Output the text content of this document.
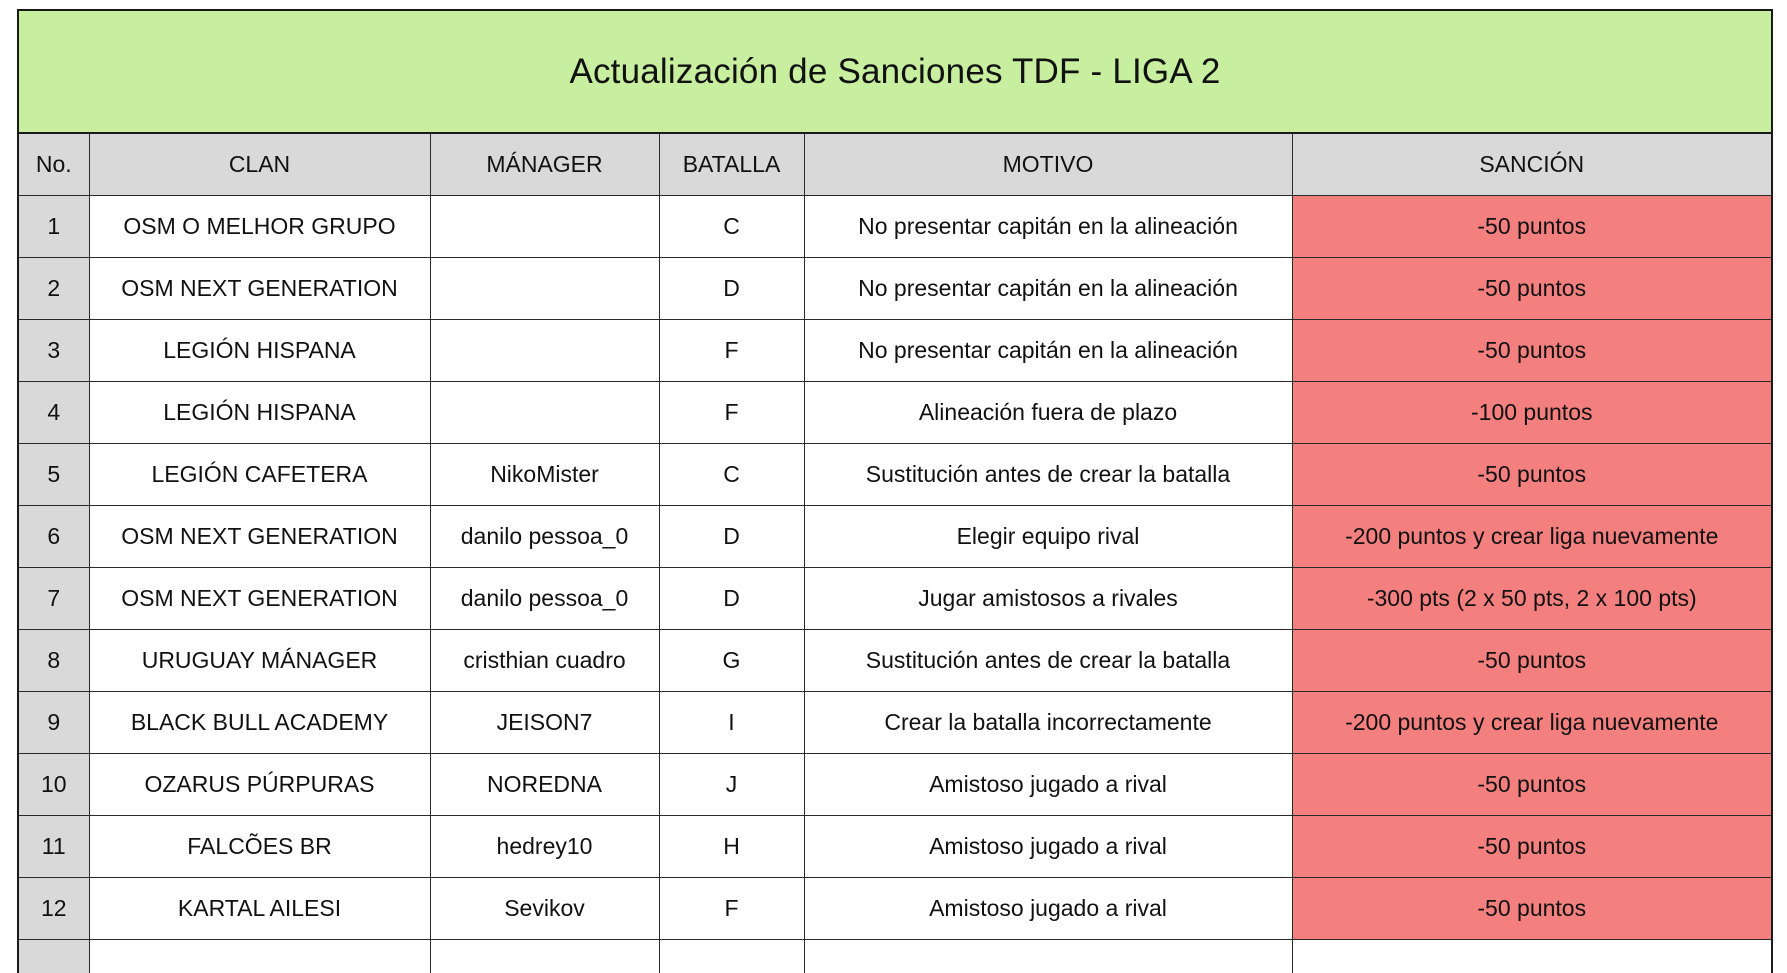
Actualización de Sanciones TDF - LIGA 2
No.	CLAN	MÁNAGER	BATALLA	MOTIVO	SANCIÓN
1	OSM O MELHOR GRUPO		C	No presentar capitán en la alineación	-50 puntos
2	OSM NEXT GENERATION		D	No presentar capitán en la alineación	-50 puntos
3	LEGIÓN HISPANA		F	No presentar capitán en la alineación	-50 puntos
4	LEGIÓN HISPANA		F	Alineación fuera de plazo	-100 puntos
5	LEGIÓN CAFETERA	NikoMister	C	Sustitución antes de crear la batalla	-50 puntos
6	OSM NEXT GENERATION	danilo pessoa_0	D	Elegir equipo rival	-200 puntos y crear liga nuevamente
7	OSM NEXT GENERATION	danilo pessoa_0	D	Jugar amistosos a rivales	-300 pts (2 x 50 pts, 2 x 100 pts)
8	URUGUAY MÁNAGER	cristhian cuadro	G	Sustitución antes de crear la batalla	-50 puntos
9	BLACK BULL ACADEMY	JEISON7	I	Crear la batalla incorrectamente	-200 puntos y crear liga nuevamente
10	OZARUS PÚRPURAS	NOREDNA	J	Amistoso jugado a rival	-50 puntos
11	FALCÕES BR	hedrey10	H	Amistoso jugado a rival	-50 puntos
12	KARTAL AILESI	Sevikov	F	Amistoso jugado a rival	-50 puntos
